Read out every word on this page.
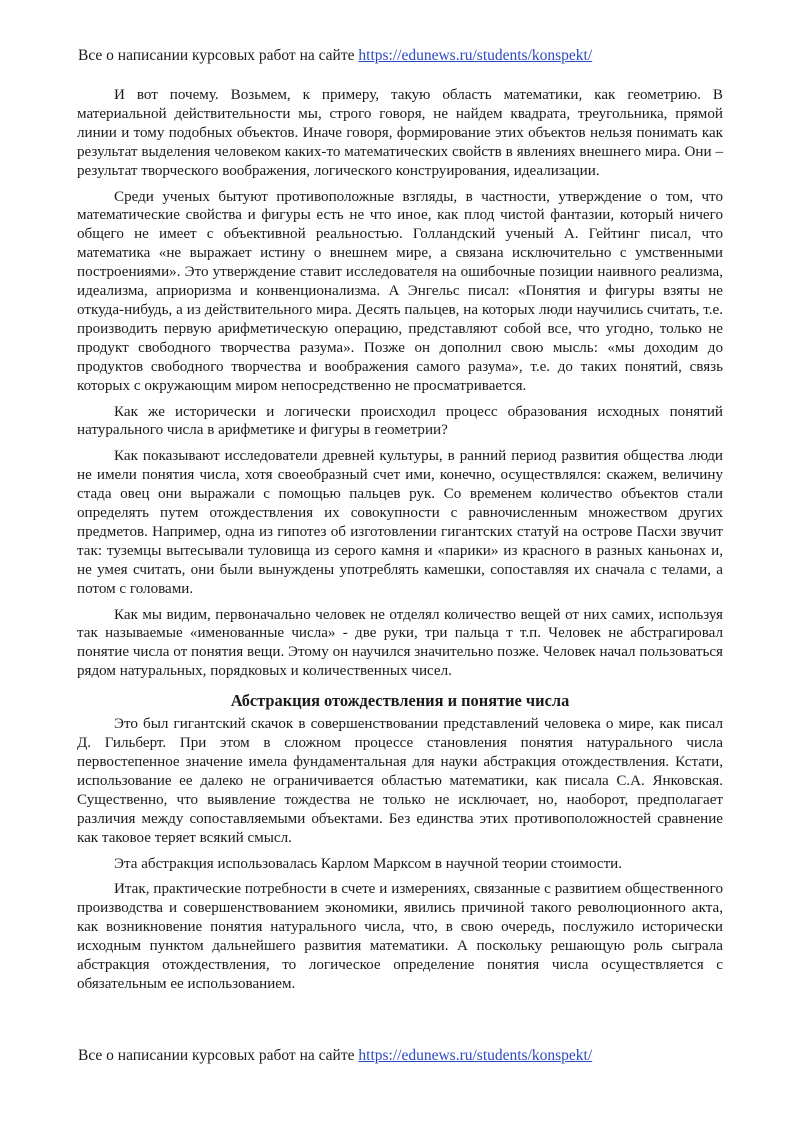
Все о написании курсовых работ на сайте https://edunews.ru/students/konspekt/

И вот почему. Возьмем, к примеру, такую область математики, как геометрию. В материальной действительности мы, строго говоря, не найдем квадрата, треугольника, прямой линии и тому подобных объектов. Иначе говоря, формирование этих объектов нельзя понимать как результат выделения человеком каких-то математических свойств в явлениях внешнего мира. Они – результат творческого воображения, логического конструирования, идеализации.

Среди ученых бытуют противоположные взгляды, в частности, утверждение о том, что математические свойства и фигуры есть не что иное, как плод чистой фантазии, который ничего общего не имеет с объективной реальностью. Голландский ученый А. Гейтинг писал, что математика «не выражает истину о внешнем мире, а связана исключительно с умственными построениями». Это утверждение ставит исследователя на ошибочные позиции наивного реализма, идеализма, априоризма и конвенционализма. А Энгельс писал: «Понятия и фигуры взяты не откуда-нибудь, а из действительного мира. Десять пальцев, на которых люди научились считать, т.е. производить первую арифметическую операцию, представляют собой все, что угодно, только не продукт свободного творчества разума». Позже он дополнил свою мысль: «мы доходим до продуктов свободного творчества и воображения самого разума», т.е. до таких понятий, связь которых с окружающим миром непосредственно не просматривается.

Как же исторически и логически происходил процесс образования исходных понятий натурального числа в арифметике и фигуры в геометрии?

Как показывают исследователи древней культуры, в ранний период развития общества люди не имели понятия числа, хотя своеобразный счет ими, конечно, осуществлялся: скажем, величину стада овец они выражали с помощью пальцев рук. Со временем количество объектов стали определять путем отождествления их совокупности с равночисленным множеством других предметов. Например, одна из гипотез об изготовлении гигантских статуй на острове Пасхи звучит так: туземцы вытесывали туловища из серого камня и «парики» из красного в разных каньонах и, не умея считать, они были вынуждены употреблять камешки, сопоставляя их сначала с телами, а потом с головами.

Как мы видим, первоначально человек не отделял количество вещей от них самих, используя так называемые «именованные числа» - две руки, три пальца т т.п. Человек не абстрагировал понятие числа от понятия вещи. Этому он научился значительно позже. Человек начал пользоваться рядом натуральных, порядковых и количественных чисел.

Абстракция отождествления и понятие числа

Это был гигантский скачок в совершенствовании представлений человека о мире, как писал Д. Гильберт. При этом в сложном процессе становления понятия натурального числа первостепенное значение имела фундаментальная для науки абстракция отождествления. Кстати, использование ее далеко не ограничивается областью математики, как писала С.А. Янковская. Существенно, что выявление тождества не только не исключает, но, наоборот, предполагает различия между сопоставляемыми объектами. Без единства этих противоположностей сравнение как таковое теряет всякий смысл.

Эта абстракция использовалась Карлом Марксом в научной теории стоимости.

Итак, практические потребности в счете и измерениях, связанные с развитием общественного производства и совершенствованием экономики, явились причиной такого революционного акта, как возникновение понятия натурального числа, что, в свою очередь, послужило исторически исходным пунктом дальнейшего развития математики. А поскольку решающую роль сыграла абстракция отождествления, то логическое определение понятия числа осуществляется с обязательным ее использованием.

Все о написании курсовых работ на сайте https://edunews.ru/students/konspekt/
